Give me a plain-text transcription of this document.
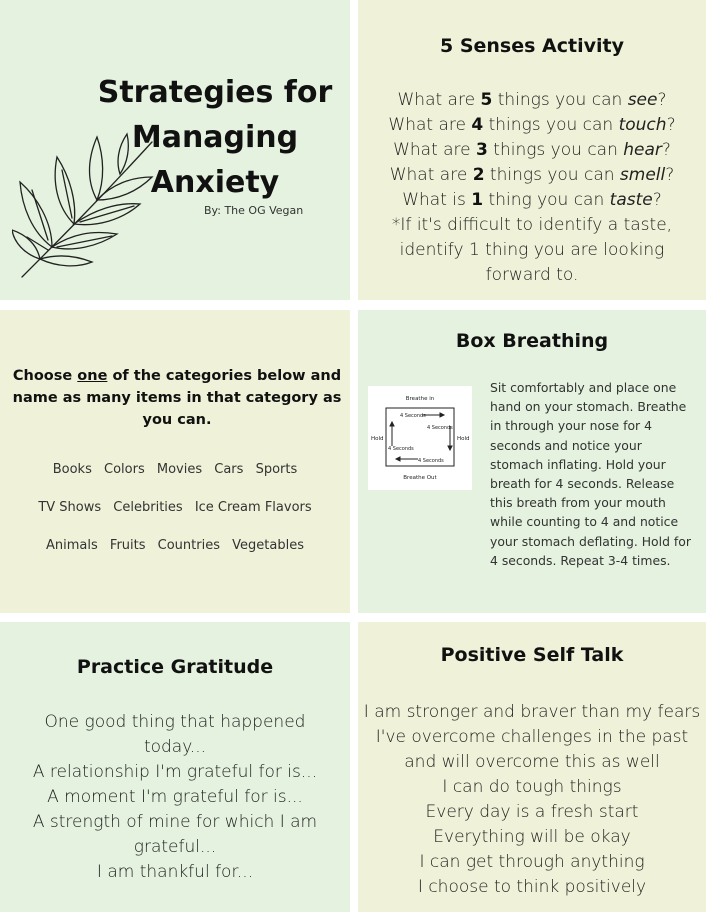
Strategies for Managing Anxiety
By: The OG Vegan
5 Senses Activity
What are 5 things you can see?
What are 4 things you can touch?
What are 3 things you can hear?
What are 2 things you can smell?
What is 1 thing you can taste?
*If it's difficult to identify a taste, identify 1 thing you are looking forward to.
Choose one of the categories below and name as many items in that category as you can.
Books Colors Movies Cars Sports
TV Shows Celebrities Ice Cream Flavors
Animals Fruits Countries Vegetables
Box Breathing
Breathe in
Breathe Out
Hold	Hold
4 Seconds
4 Seconds
4 Seconds
4 Seconds
Sit comfortably and place one hand on your stomach. Breathe in through your nose for 4 seconds and notice your stomach inflating. Hold your breath for 4 seconds. Release this breath from your mouth while counting to 4 and notice your stomach deflating. Hold for 4 seconds. Repeat 3-4 times.
Practice Gratitude
One good thing that happened today...
A relationship I'm grateful for is...
A moment I'm grateful for is...
A strength of mine for which I am grateful...
I am thankful for...
Positive Self Talk
I am stronger and braver than my fears
I've overcome challenges in the past and will overcome this as well
I can do tough things
Every day is a fresh start
Everything will be okay
I can get through anything
I choose to think positively
